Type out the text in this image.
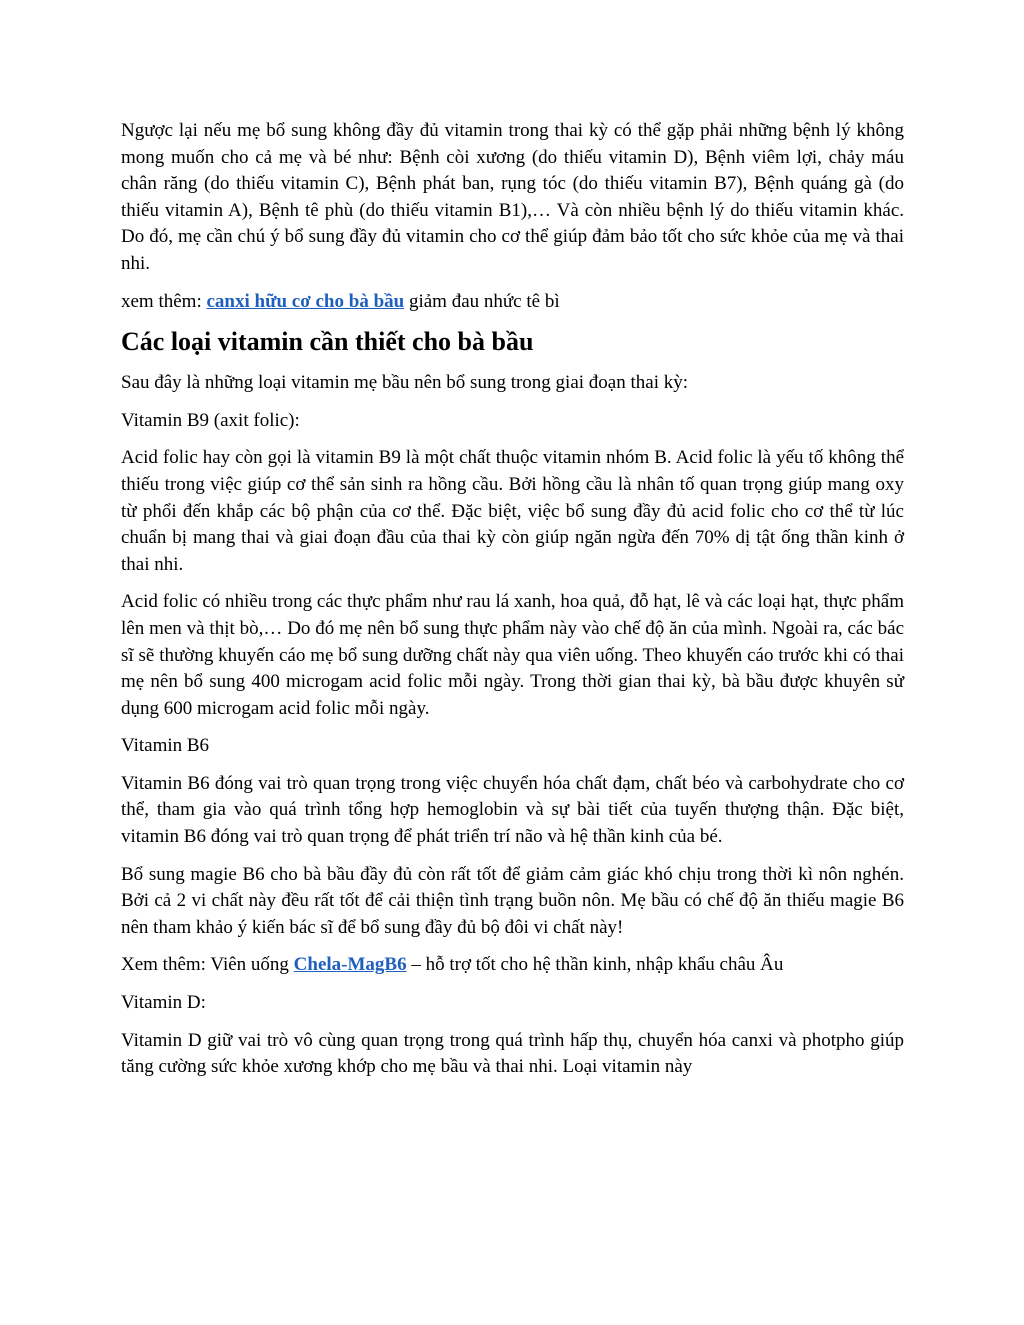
Ngược lại nếu mẹ bổ sung không đầy đủ vitamin trong thai kỳ có thể gặp phải những bệnh lý không mong muốn cho cả mẹ và bé như: Bệnh còi xương (do thiếu vitamin D), Bệnh viêm lợi, chảy máu chân răng (do thiếu vitamin C), Bệnh phát ban, rụng tóc (do thiếu vitamin B7), Bệnh quáng gà (do thiếu vitamin A), Bệnh tê phù (do thiếu vitamin B1),… Và còn nhiều bệnh lý do thiếu vitamin khác. Do đó, mẹ cần chú ý bổ sung đầy đủ vitamin cho cơ thể giúp đảm bảo tốt cho sức khỏe của mẹ và thai nhi.

xem thêm: canxi hữu cơ cho bà bầu giảm đau nhức tê bì

Các loại vitamin cần thiết cho bà bầu

Sau đây là những loại vitamin mẹ bầu nên bổ sung trong giai đoạn thai kỳ:

Vitamin B9 (axit folic):

Acid folic hay còn gọi là vitamin B9 là một chất thuộc vitamin nhóm B. Acid folic là yếu tố không thể thiếu trong việc giúp cơ thể sản sinh ra hồng cầu. Bởi hồng cầu là nhân tố quan trọng giúp mang oxy từ phổi đến khắp các bộ phận của cơ thể. Đặc biệt, việc bổ sung đầy đủ acid folic cho cơ thể từ lúc chuẩn bị mang thai và giai đoạn đầu của thai kỳ còn giúp ngăn ngừa đến 70% dị tật ống thần kinh ở thai nhi.

Acid folic có nhiều trong các thực phẩm như rau lá xanh, hoa quả, đỗ hạt, lê và các loại hạt, thực phẩm lên men và thịt bò,… Do đó mẹ nên bổ sung thực phẩm này vào chế độ ăn của mình. Ngoài ra, các bác sĩ sẽ thường khuyến cáo mẹ bổ sung dưỡng chất này qua viên uống. Theo khuyến cáo trước khi có thai mẹ nên bổ sung 400 microgam acid folic mỗi ngày. Trong thời gian thai kỳ, bà bầu được khuyên sử dụng 600 microgam acid folic mỗi ngày.

Vitamin B6

Vitamin B6 đóng vai trò quan trọng trong việc chuyển hóa chất đạm, chất béo và carbohydrate cho cơ thể, tham gia vào quá trình tổng hợp hemoglobin và sự bài tiết của tuyến thượng thận. Đặc biệt, vitamin B6 đóng vai trò quan trọng để phát triển trí não và hệ thần kinh của bé.

Bổ sung magie B6 cho bà bầu đầy đủ còn rất tốt để giảm cảm giác khó chịu trong thời kì nôn nghén. Bởi cả 2 vi chất này đều rất tốt để cải thiện tình trạng buồn nôn. Mẹ bầu có chế độ ăn thiếu magie B6 nên tham khảo ý kiến bác sĩ để bổ sung đầy đủ bộ đôi vi chất này!

Xem thêm: Viên uống Chela-MagB6 – hỗ trợ tốt cho hệ thần kinh, nhập khẩu châu Âu

Vitamin D:

Vitamin D giữ vai trò vô cùng quan trọng trong quá trình hấp thụ, chuyển hóa canxi và photpho giúp tăng cường sức khỏe xương khớp cho mẹ bầu và thai nhi. Loại vitamin này
